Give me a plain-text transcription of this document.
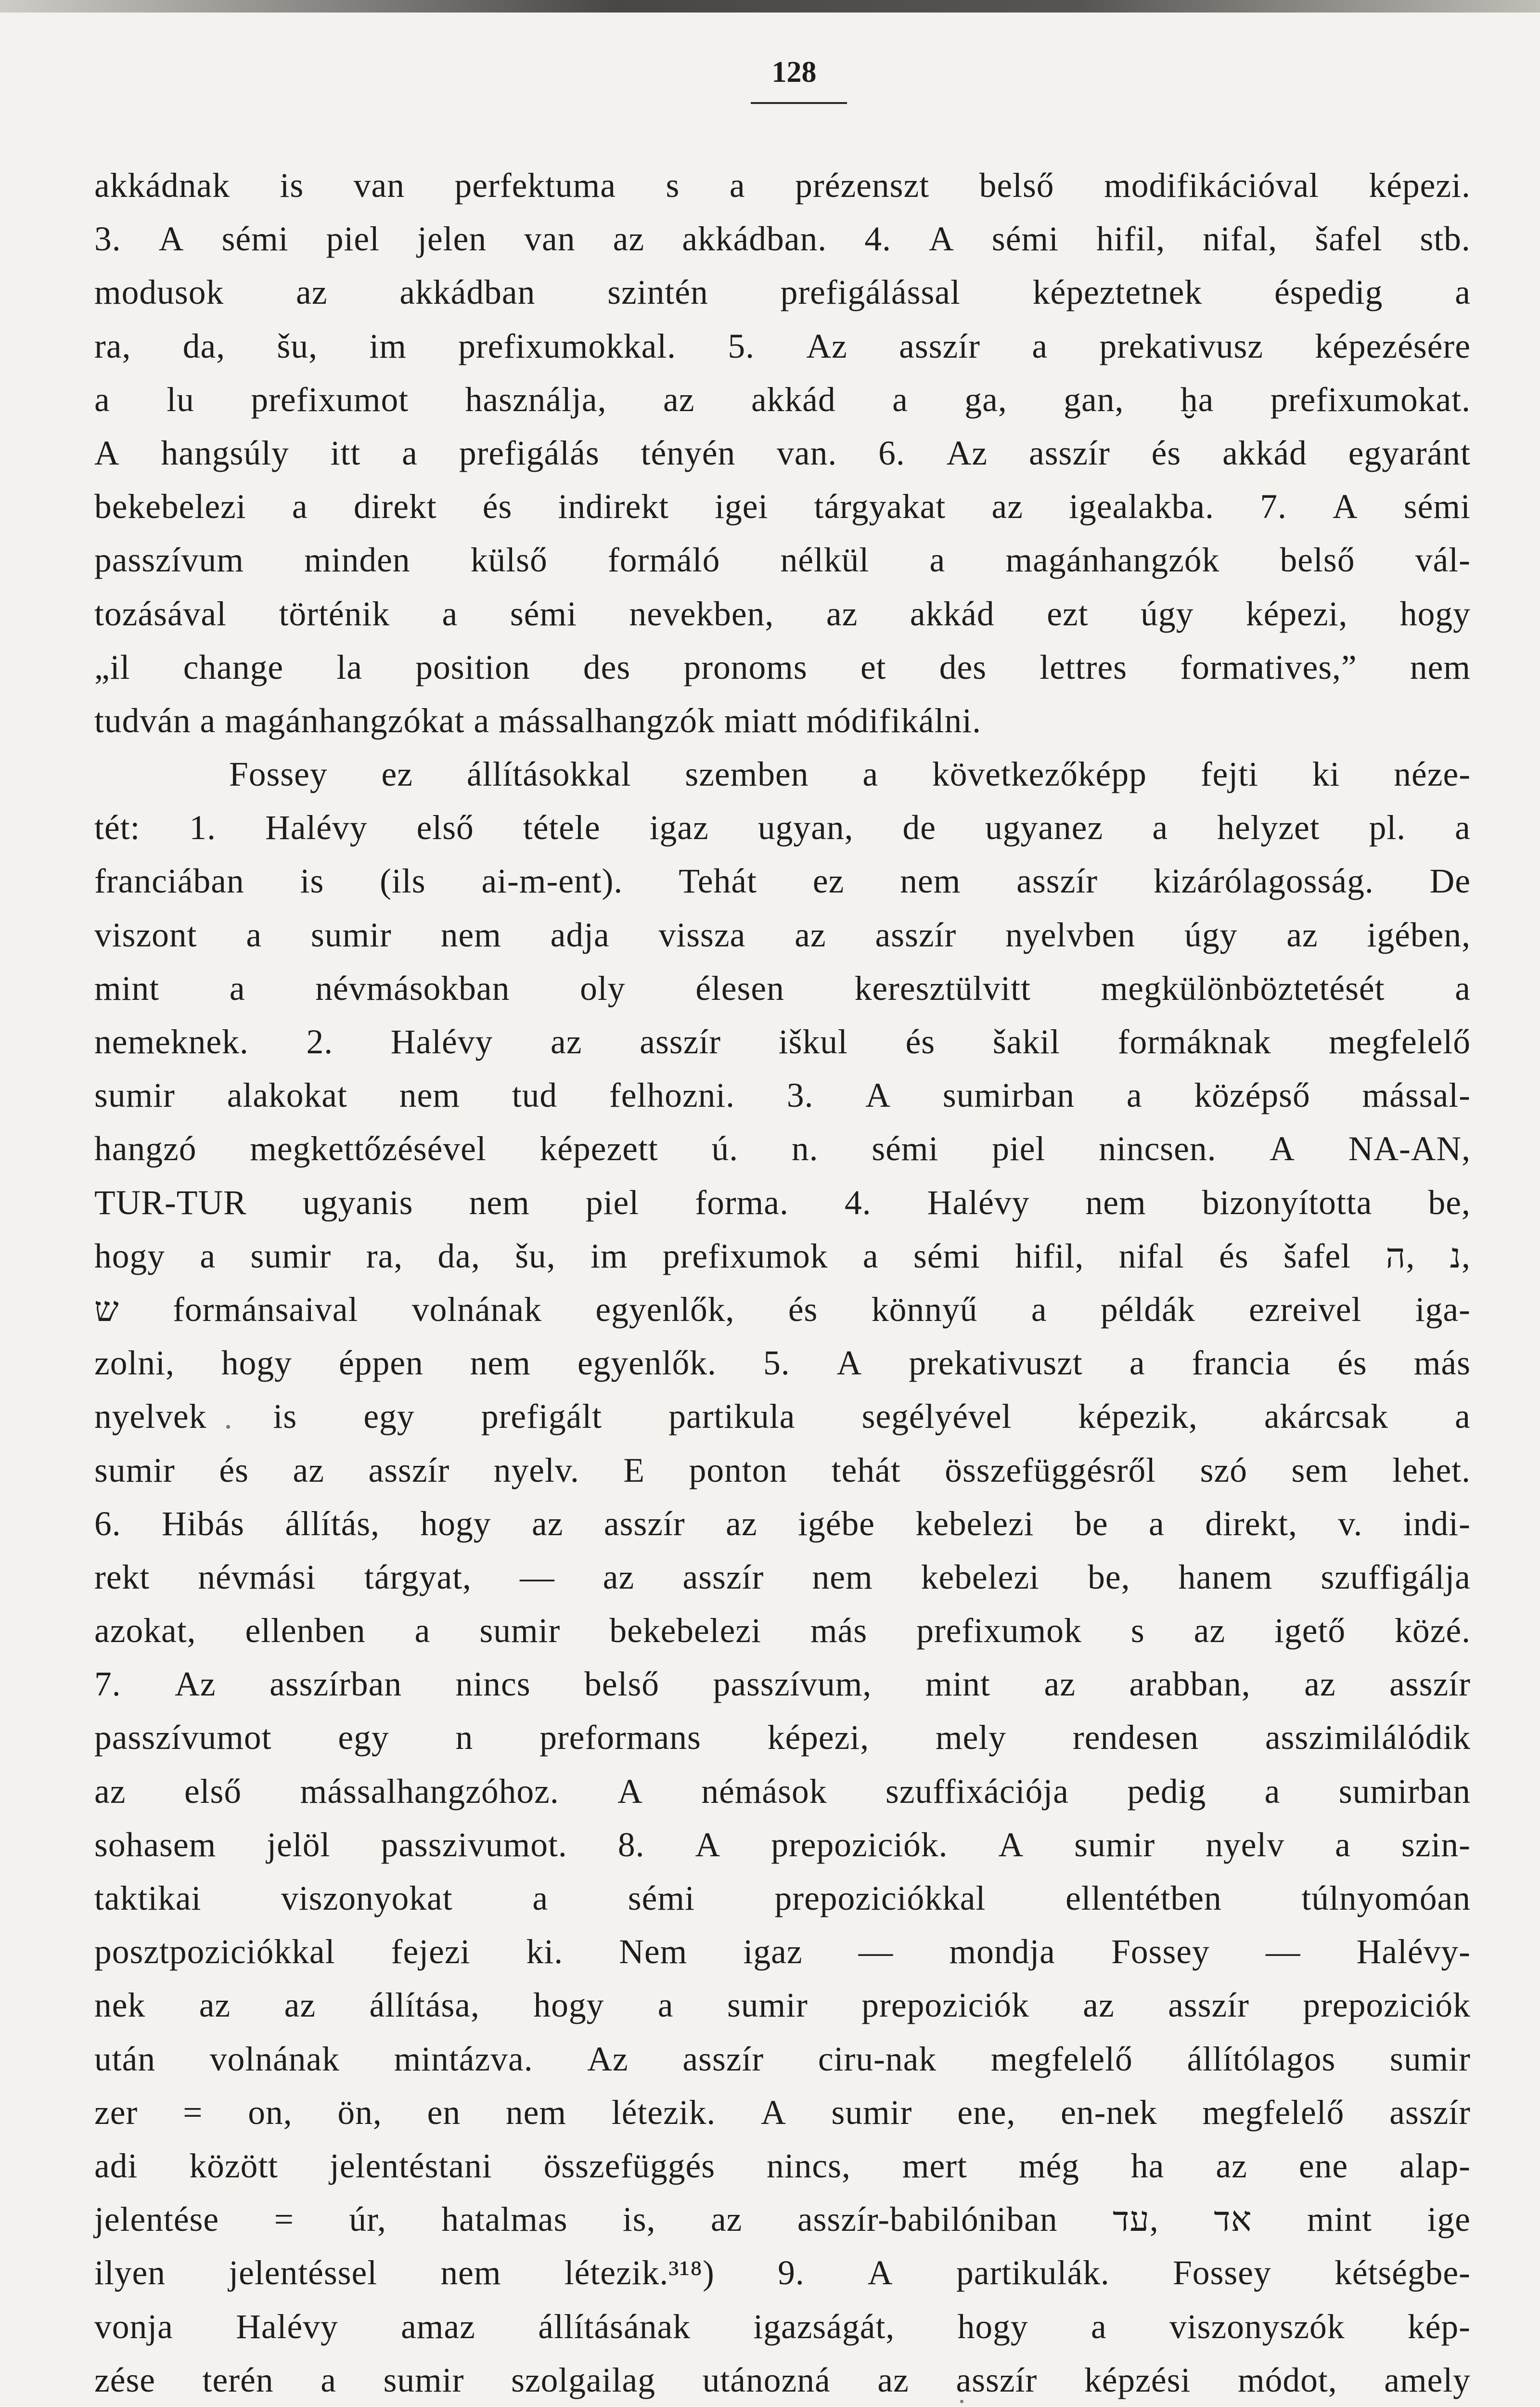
128
akkádnak is van perfektuma s a prézenszt belső modifikációval képezi.
3. A sémi piel jelen van az akkádban. 4. A sémi hifil, nifal, šafel stb.
modusok az akkádban szintén prefigálással képeztetnek éspedig a
ra, da, šu, im prefixumokkal. 5. Az asszír a prekativusz képezésére
a lu prefixumot használja, az akkád a ga, gan, ḫa prefixumokat.
A hangsúly itt a prefigálás tényén van. 6. Az asszír és akkád egyaránt
bekebelezi a direkt és indirekt igei tárgyakat az igealakba. 7. A sémi
passzívum minden külső formáló nélkül a magánhangzók belső vál-
tozásával történik a sémi nevekben, az akkád ezt úgy képezi, hogy
„il change la position des pronoms et des lettres formatives,” nem
tudván a magánhangzókat a mássalhangzók miatt módifikálni.
Fossey ez állításokkal szemben a következőképp fejti ki néze-
tét: 1. Halévy első tétele igaz ugyan, de ugyanez a helyzet pl. a
franciában is (ils ai-m-ent). Tehát ez nem asszír kizárólagosság. De
viszont a sumir nem adja vissza az asszír nyelvben úgy az igében,
mint a névmásokban oly élesen keresztülvitt megkülönböztetését a
nemeknek. 2. Halévy az asszír iškul és šakil formáknak megfelelő
sumir alakokat nem tud felhozni. 3. A sumirban a középső mással-
hangzó megkettőzésével képezett ú. n. sémi piel nincsen. A NA-AN,
TUR-TUR ugyanis nem piel forma. 4. Halévy nem bizonyította be,
hogy a sumir ra, da, šu, im prefixumok a sémi hifil, nifal és šafel ה, נ,
ש formánsaival volnának egyenlők, és könnyű a példák ezreivel iga-
zolni, hogy éppen nem egyenlők. 5. A prekativuszt a francia és más
nyelvek is egy prefigált partikula segélyével képezik, akárcsak a
sumir és az asszír nyelv. E ponton tehát összefüggésről szó sem lehet.
6. Hibás állítás, hogy az asszír az igébe kebelezi be a direkt, v. indi-
rekt névmási tárgyat, — az asszír nem kebelezi be, hanem szuffigálja
azokat, ellenben a sumir bekebelezi más prefixumok s az igető közé.
7. Az asszírban nincs belső passzívum, mint az arabban, az asszír
passzívumot egy n preformans képezi, mely rendesen asszimilálódik
az első mássalhangzóhoz. A némások szuffixációja pedig a sumirban
sohasem jelöl passzivumot. 8. A prepoziciók. A sumir nyelv a szin-
taktikai viszonyokat a sémi prepoziciókkal ellentétben túlnyomóan
posztpoziciókkal fejezi ki. Nem igaz — mondja Fossey — Halévy-
nek az az állítása, hogy a sumir prepoziciók az asszír prepoziciók
után volnának mintázva. Az asszír ciru-nak megfelelő állítólagos sumir
zer = on, ön, en nem létezik. A sumir ene, en-nek megfelelő asszír
adi között jelentéstani összefüggés nincs, mert még ha az ene alap-
jelentése = úr, hatalmas is, az asszír-babilóniban עד, אד mint ige
ilyen jelentéssel nem létezik.³¹⁸) 9. A partikulák. Fossey kétségbe-
vonja Halévy amaz állításának igazságát, hogy a viszonyszók kép-
zése terén a sumir szolgailag utánozná az asszír képzési módot, amely
